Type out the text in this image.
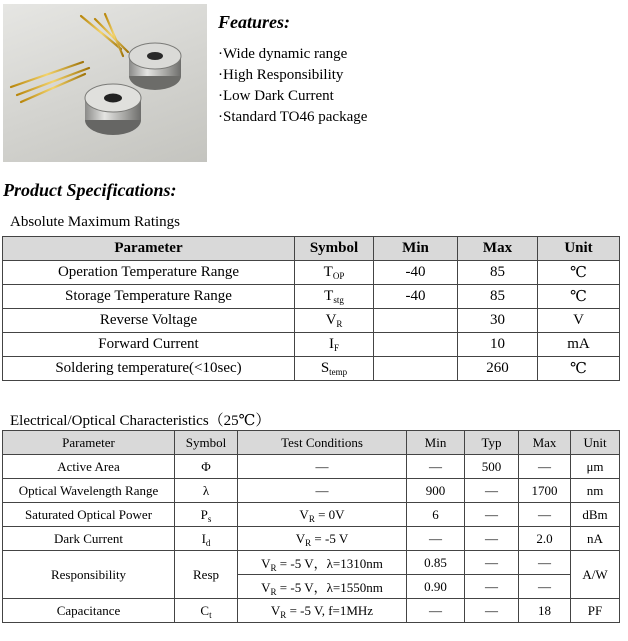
Features:
·Wide dynamic range
·High Responsibility
·Low Dark Current
·Standard TO46 package
Product Specifications:
Absolute Maximum Ratings
Parameter	Symbol	Min	Max	Unit
Operation Temperature Range	$T_{OP}$	-40	85	℃
Storage Temperature Range	$T_{stg}$	-40	85	℃
Reverse Voltage	$V_R$		30	V
Forward Current	$I_F$		10	mA
Soldering temperature(<10sec)	$S_{temp}$		260	℃
Electrical/Optical Characteristics（25℃）
Parameter	Symbol	Test Conditions	Min	Typ	Max	Unit
Active Area	Φ	—	—	500	—	μm
Optical Wavelength Range	λ	—	900	—	1700	nm
Saturated Optical Power	$P_s$	$V_R = 0V$	6	—	—	dBm
Dark Current	$I_d$	$V_R = -5$ V	—	—	2.0	nA
Responsibility	Resp	$V_R = -5$ V，λ=1310nm	0.85	—	—	A/W
		$V_R = -5$ V，λ=1550nm	0.90	—	—	
Capacitance	$C_t$	$V_R = -5$ V, f=1MHz	—	—	18	PF
